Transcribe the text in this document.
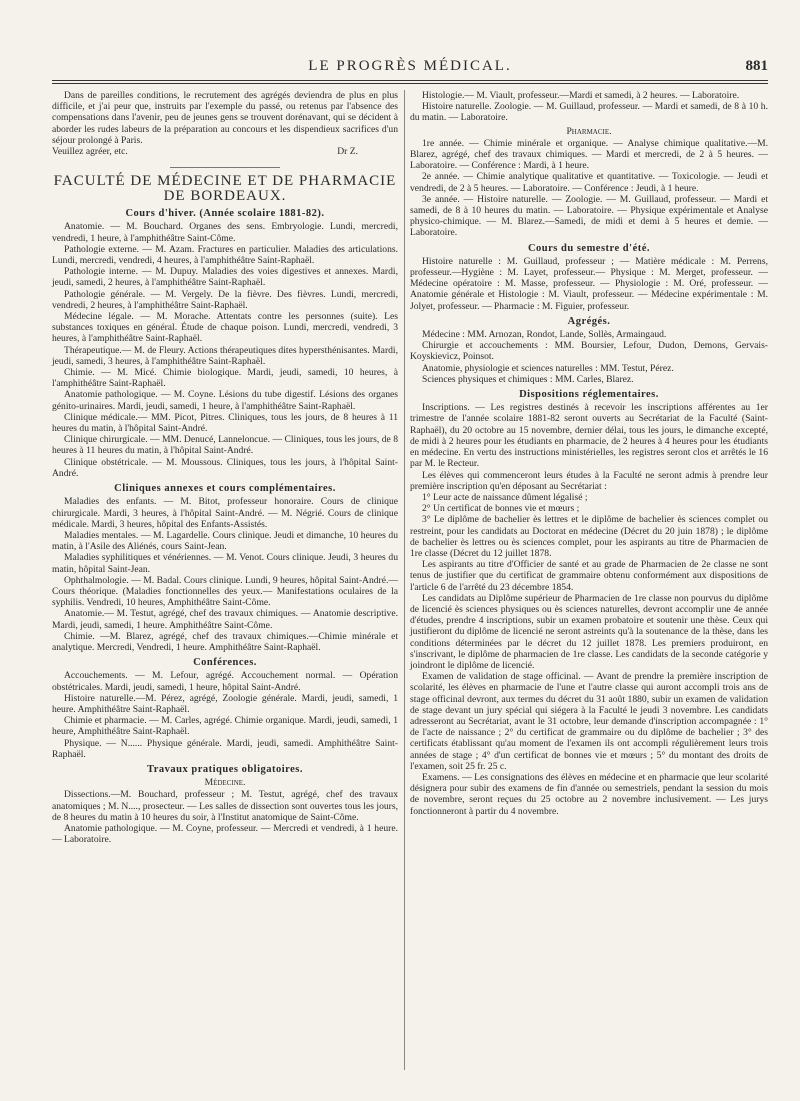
LE PROGRÈS MÉDICAL.	881

Dans de pareilles conditions, le recrutement des agrégés deviendra de plus en plus difficile, et j'ai peur que, instruits par l'exemple du passé, ou retenus par l'absence des compensations dans l'avenir, peu de jeunes gens se trouvent dorénavant, qui se décident à aborder les rudes labeurs de la préparation au concours et les dispendieux sacrifices d'un séjour prolongé à Paris.

Veuillez agréer, etc.	Dr Z.

FACULTÉ DE MÉDECINE ET DE PHARMACIE DE BORDEAUX.
Cours d'hiver. (Année scolaire 1881-82).

Anatomie. — M. Bouchard. Organes des sens. Embryologie. Lundi, mercredi, vendredi, 1 heure, à l'amphithéâtre Saint-Côme.

Pathologie externe. — M. Azam. Fractures en particulier. Maladies des articulations. Lundi, mercredi, vendredi, 4 heures, à l'amphithéâtre Saint-Raphaël.

Pathologie interne. — M. Dupuy. Maladies des voies digestives et annexes. Mardi, jeudi, samedi, 2 heures, à l'amphithéâtre Saint-Raphaël.

Pathologie générale. — M. Vergely. De la fièvre. Des fièvres. Lundi, mercredi, vendredi, 2 heures, à l'amphithéâtre Saint-Raphaël.

Médecine légale. — M. Morache. Attentats contre les personnes (suite). Les substances toxiques en général. Étude de chaque poison. Lundi, mercredi, vendredi, 3 heures, à l'amphithéâtre Saint-Raphaël.

Thérapeutique.— M. de Fleury. Actions thérapeutiques dites hypersthénisantes. Mardi, jeudi, samedi, 3 heures, à l'amphithéâtre Saint-Raphaël.

Chimie. — M. Micé. Chimie biologique. Mardi, jeudi, samedi, 10 heures, à l'amphithéâtre Saint-Raphaël.

Anatomie pathologique. — M. Coyne. Lésions du tube digestif. Lésions des organes génito-urinaires. Mardi, jeudi, samedi, 1 heure, à l'amphithéâtre Saint-Raphaël.

Clinique médicale.— MM. Picot, Pitres. Cliniques, tous les jours, de 8 heures à 11 heures du matin, à l'hôpital Saint-André.

Clinique chirurgicale. — MM. Denucé, Lanneloncue. — Cliniques, tous les jours, de 8 heures à 11 heures du matin, à l'hôpital Saint-André.

Clinique obstétricale. — M. Moussous. Cliniques, tous les jours, à l'hôpital Saint-André.

Cliniques annexes et cours complémentaires.

Maladies des enfants. — M. Bitot, professeur honoraire. Cours de clinique chirurgicale. Mardi, 3 heures, à l'hôpital Saint-André. — M. Négrié. Cours de clinique médicale. Mardi, 3 heures, hôpital des Enfants-Assistés.

Maladies mentales. — M. Lagardelle. Cours clinique. Jeudi et dimanche, 10 heures du matin, à l'Asile des Aliénés, cours Saint-Jean.

Maladies syphilitiques et vénériennes. — M. Venot. Cours clinique. Jeudi, 3 heures du matin, hôpital Saint-Jean.

Ophthalmologie. — M. Badal. Cours clinique. Lundi, 9 heures, hôpital Saint-André.— Cours théorique. (Maladies fonctionnelles des yeux.— Manifestations oculaires de la syphilis. Vendredi, 10 heures, Amphithéâtre Saint-Côme.

Anatomie.— M. Testut, agrégé, chef des travaux chimiques. — Anatomie descriptive. Mardi, jeudi, samedi, 1 heure. Amphithéâtre Saint-Côme.

Chimie. —M. Blarez, agrégé, chef des travaux chimiques.—Chimie minérale et analytique. Mercredi, Vendredi, 1 heure. Amphithéâtre Saint-Raphaël.

Conférences.

Accouchements. — M. Lefour, agrégé. Accouchement normal. — Opération obstétricales. Mardi, jeudi, samedi, 1 heure, hôpital Saint-André.

Histoire naturelle.—M. Pérez, agrégé, Zoologie générale. Mardi, jeudi, samedi, 1 heure. Amphithéâtre Saint-Raphaël.

Chimie et pharmacie. — M. Carles, agrégé. Chimie organique. Mardi, jeudi, samedi, 1 heure, Amphithéâtre Saint-Raphaël.

Physique. — N...... Physique générale. Mardi, jeudi, samedi. Amphithéâtre Saint-Raphaël.

Travaux pratiques obligatoires.
Médecine.

Dissections.—M. Bouchard, professeur ; M. Testut, agrégé, chef des travaux anatomiques ; M. N...., prosecteur. — Les salles de dissection sont ouvertes tous les jours, de 8 heures du matin à 10 heures du soir, à l'Institut anatomique de Saint-Côme.

Anatomie pathologique. — M. Coyne, professeur. — Mercredi et vendredi, à 1 heure. — Laboratoire.

Histologie.— M. Viault, professeur.—Mardi et samedi, à 2 heures. — Laboratoire.

Histoire naturelle. Zoologie. — M. Guillaud, professeur. — Mardi et samedi, de 8 à 10 h. du matin. — Laboratoire.

Pharmacie.

1re année. — Chimie minérale et organique. — Analyse chimique qualitative.—M. Blarez, agrégé, chef des travaux chimiques. — Mardi et mercredi, de 2 à 5 heures. — Laboratoire. — Conférence : Mardi, à 1 heure.

2e année. — Chimie analytique qualitative et quantitative. — Toxicologie. — Jeudi et vendredi, de 2 à 5 heures. — Laboratoire. — Conférence : Jeudi, à 1 heure.

3e année. — Histoire naturelle. — Zoologie. — M. Guillaud, professeur. — Mardi et samedi, de 8 à 10 heures du matin. — Laboratoire. — Physique expérimentale et Analyse physico-chimique. — M. Blarez.—Samedi, de midi et demi à 5 heures et demie. — Laboratoire.

Cours du semestre d'été.

Histoire naturelle : M. Guillaud, professeur ; — Matière médicale : M. Perrens, professeur.—Hygiène : M. Layet, professeur.— Physique : M. Merget, professeur. — Médecine opératoire : M. Masse, professeur. — Physiologie : M. Oré, professeur. — Anatomie générale et Histologie : M. Viault, professeur. — Médecine expérimentale : M. Jolyet, professeur. — Pharmacie : M. Figuier, professeur.

Agrégés.

Médecine : MM. Arnozan, Rondot, Lande, Sollès, Armaingaud.

Chirurgie et accouchements : MM. Boursier, Lefour, Dudon, Demons, Gervais-Koyskievicz, Poinsot.

Anatomie, physiologie et sciences naturelles : MM. Testut, Pérez.

Sciences physiques et chimiques : MM. Carles, Blarez.

Dispositions réglementaires.

Inscriptions. — Les registres destinés à recevoir les inscriptions afférentes au 1er trimestre de l'année scolaire 1881-82 seront ouverts au Secrétariat de la Faculté (Saint-Raphaël), du 20 octobre au 15 novembre, dernier délai, tous les jours, le dimanche excepté, de midi à 2 heures pour les étudiants en pharmacie, de 2 heures à 4 heures pour les étudiants en médecine. En vertu des instructions ministérielles, les registres seront clos et arrêtés le 16 par M. le Recteur.

Les élèves qui commenceront leurs études à la Faculté ne seront admis à prendre leur première inscription qu'en déposant au Secrétariat :

1° Leur acte de naissance dûment légalisé ;

2° Un certificat de bonnes vie et mœurs ;

3° Le diplôme de bachelier ès lettres et le diplôme de bachelier ès sciences complet ou restreint, pour les candidats au Doctorat en médecine (Décret du 20 juin 1878) ; le diplôme de bachelier ès lettres ou ès sciences complet, pour les aspirants au titre de Pharmacien de 1re classe (Décret du 12 juillet 1878.

Les aspirants au titre d'Officier de santé et au grade de Pharmacien de 2e classe ne sont tenus de justifier que du certificat de grammaire obtenu conformément aux dispositions de l'article 6 de l'arrêté du 23 décembre 1854.

Les candidats au Diplôme supérieur de Pharmacien de 1re classe non pourvus du diplôme de licencié ès sciences physiques ou ès sciences naturelles, devront accomplir une 4e année d'études, prendre 4 inscriptions, subir un examen probatoire et soutenir une thèse. Ceux qui justifieront du diplôme de licencié ne seront astreints qu'à la soutenance de la thèse, dans les conditions déterminées par le décret du 12 juillet 1878. Les premiers produiront, en s'inscrivant, le diplôme de pharmacien de 1re classe. Les candidats de la seconde catégorie y joindront le diplôme de licencié.

Examen de validation de stage officinal. — Avant de prendre la première inscription de scolarité, les élèves en pharmacie de l'une et l'autre classe qui auront accompli trois ans de stage officinal devront, aux termes du décret du 31 août 1880, subir un examen de validation de stage devant un jury spécial qui siégera à la Faculté le jeudi 3 novembre. Les candidats adresseront au Secrétariat, avant le 31 octobre, leur demande d'inscription accompagnée : 1° de l'acte de naissance ; 2° du certificat de grammaire ou du diplôme de bachelier ; 3° des certificats établissant qu'au moment de l'examen ils ont accompli régulièrement leurs trois années de stage ; 4° d'un certificat de bonnes vie et mœurs ; 5° du montant des droits de l'examen, soit 25 fr. 25 c.

Examens. — Les consignations des élèves en médecine et en pharmacie que leur scolarité désignera pour subir des examens de fin d'année ou semestriels, pendant la session du mois de novembre, seront reçues du 25 octobre au 2 novembre inclusivement. — Les jurys fonctionneront à partir du 4 novembre.
